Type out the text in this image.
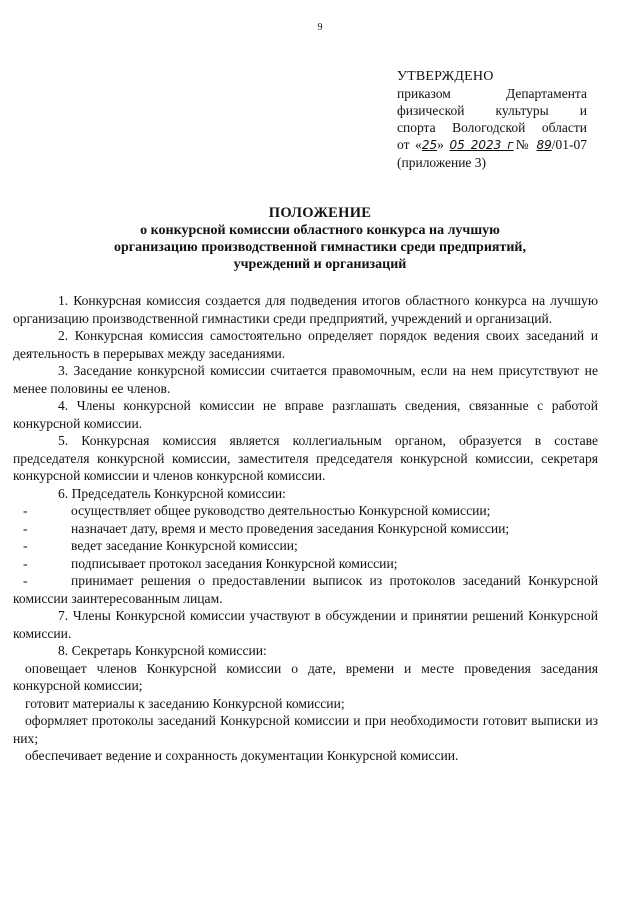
9
УТВЕРЖДЕНО
приказом Департамента
физической культуры и
спорта Вологодской области
от «25» 05 2023 г№ 89/01-07
(приложение 3)
ПОЛОЖЕНИЕ
о конкурсной комиссии областного конкурса на лучшую
организацию производственной гимнастики среди предприятий,
учреждений и организаций

1. Конкурсная комиссия создается для подведения итогов областного конкурса на лучшую организацию производственной гимнастики среди предприятий, учреждений и организаций.

2. Конкурсная комиссия самостоятельно определяет порядок ведения своих заседаний и деятельность в перерывах между заседаниями.

3. Заседание конкурсной комиссии считается правомочным, если на нем присутствуют не менее половины ее членов.

4. Члены конкурсной комиссии не вправе разглашать сведения, связанные с работой конкурсной комиссии.

5. Конкурсная комиссия является коллегиальным органом, образуется в составе председателя конкурсной комиссии, заместителя председателя конкурсной комиссии, секретаря конкурсной комиссии и членов конкурсной комиссии.

6. Председатель Конкурсной комиссии:

-	осуществляет общее руководство деятельностью Конкурсной комиссии;

-	назначает дату, время и место проведения заседания Конкурсной комиссии;

-	ведет заседание Конкурсной комиссии;

-	подписывает протокол заседания Конкурсной комиссии;

-	принимает решения о предоставлении выписок из протоколов заседаний Конкурсной комиссии заинтересованным лицам.

7. Члены Конкурсной комиссии участвуют в обсуждении и принятии решений Конкурсной комиссии.

8. Секретарь Конкурсной комиссии:

оповещает членов Конкурсной комиссии о дате, времени и месте проведения заседания конкурсной комиссии;

готовит материалы к заседанию Конкурсной комиссии;

оформляет протоколы заседаний Конкурсной комиссии и при необходимости готовит выписки из них;

обеспечивает ведение и сохранность документации Конкурсной комиссии.
